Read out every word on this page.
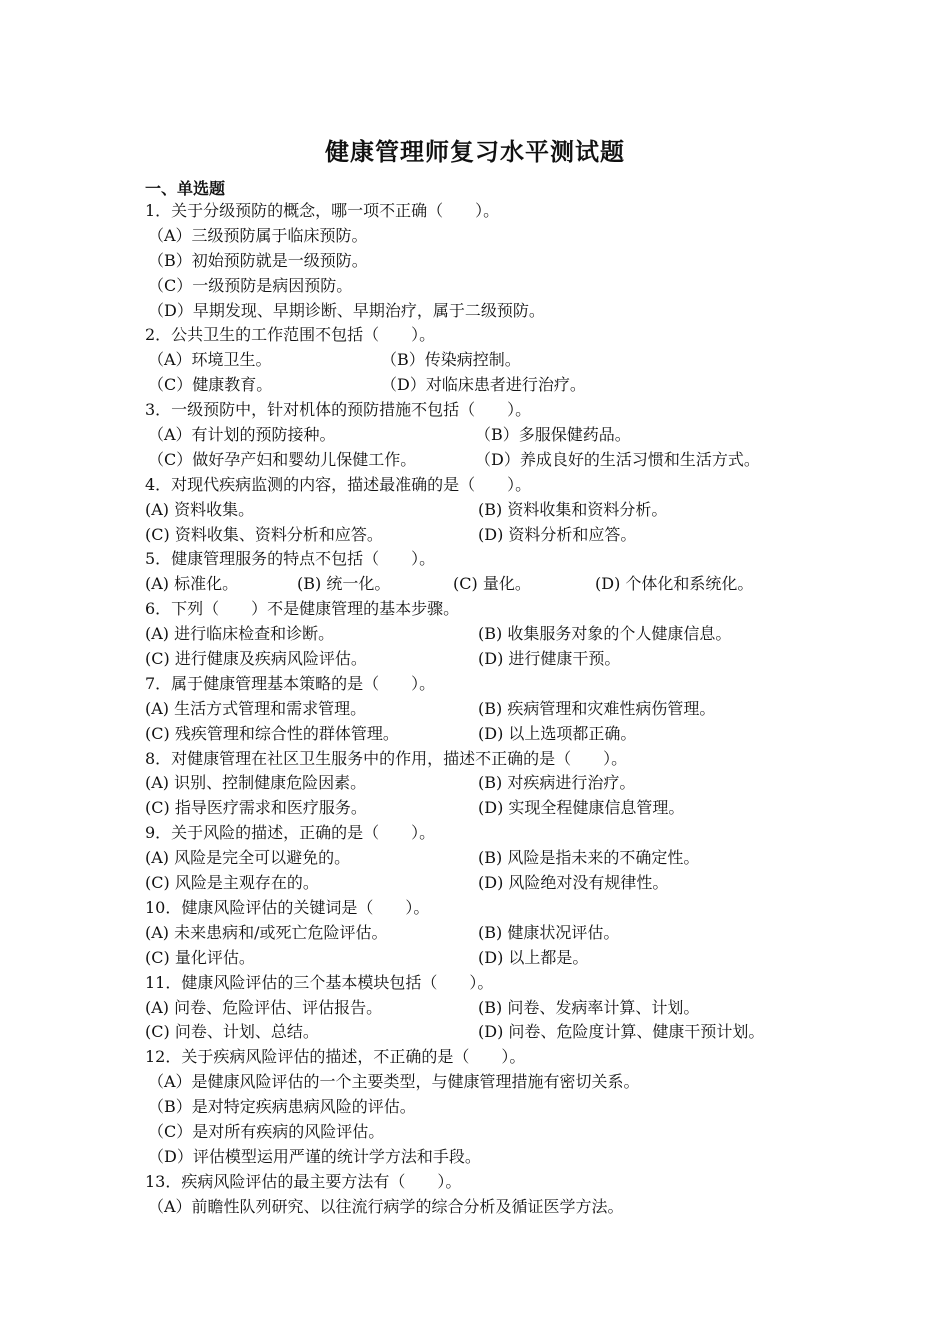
健康管理师复习水平测试题
一、单选题
1．关于分级预防的概念，哪一项不正确（　　）。
（A）三级预防属于临床预防。
（B）初始预防就是一级预防。
（C）一级预防是病因预防。
（D）早期发现、早期诊断、早期治疗，属于二级预防。
2．公共卫生的工作范围不包括（　　）。
（A）环境卫生。	（B）传染病控制。
（C）健康教育。	（D）对临床患者进行治疗。
3．一级预防中，针对机体的预防措施不包括（　　）。
（A）有计划的预防接种。	（B）多服保健药品。
（C）做好孕产妇和婴幼儿保健工作。	（D）养成良好的生活习惯和生活方式。
4．对现代疾病监测的内容，描述最准确的是（　　）。
(A) 资料收集。	(B) 资料收集和资料分析。
(C) 资料收集、资料分析和应答。	(D) 资料分析和应答。
5．健康管理服务的特点不包括（　　）。
(A) 标准化。	(B) 统一化。	(C) 量化。	(D) 个体化和系统化。
6．下列（　　）不是健康管理的基本步骤。
(A) 进行临床检查和诊断。	(B) 收集服务对象的个人健康信息。
(C) 进行健康及疾病风险评估。	(D) 进行健康干预。
7．属于健康管理基本策略的是（　　）。
(A) 生活方式管理和需求管理。	(B) 疾病管理和灾难性病伤管理。
(C) 残疾管理和综合性的群体管理。	(D) 以上选项都正确。
8．对健康管理在社区卫生服务中的作用，描述不正确的是（　　）。
(A) 识别、控制健康危险因素。	(B) 对疾病进行治疗。
(C) 指导医疗需求和医疗服务。	(D) 实现全程健康信息管理。
9．关于风险的描述，正确的是（　　）。
(A) 风险是完全可以避免的。	(B) 风险是指未来的不确定性。
(C) 风险是主观存在的。	(D) 风险绝对没有规律性。
10．健康风险评估的关键词是（　　）。
(A) 未来患病和/或死亡危险评估。	(B) 健康状况评估。
(C) 量化评估。	(D) 以上都是。
11．健康风险评估的三个基本模块包括（　　）。
(A) 问卷、危险评估、评估报告。	(B) 问卷、发病率计算、计划。
(C) 问卷、计划、总结。	(D) 问卷、危险度计算、健康干预计划。
12．关于疾病风险评估的描述，不正确的是（　　）。
（A）是健康风险评估的一个主要类型，与健康管理措施有密切关系。
（B）是对特定疾病患病风险的评估。
（C）是对所有疾病的风险评估。
（D）评估模型运用严谨的统计学方法和手段。
13．疾病风险评估的最主要方法有（　　）。
（A）前瞻性队列研究、以往流行病学的综合分析及循证医学方法。
